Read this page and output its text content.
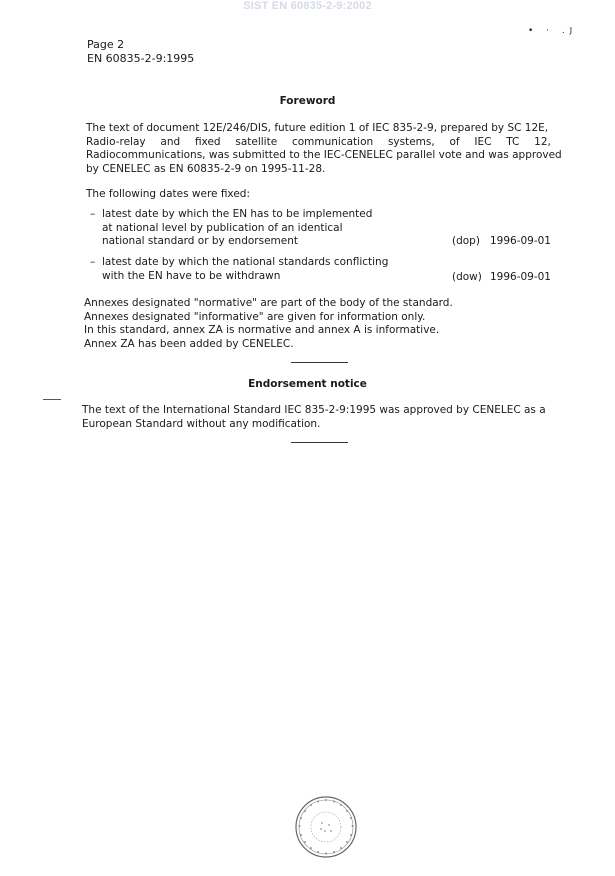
SIST EN 60835-2-9:2002
• · .J
Page 2
EN 60835-2-9:1995
Foreword
The text of document 12E/246/DIS, future edition 1 of IEC 835-2-9, prepared by SC 12E,
Radio-relay and fixed satellite communication systems, of IEC TC 12,
Radiocommunications, was submitted to the IEC-CENELEC parallel vote and was approved
by CENELEC as EN 60835-2-9 on 1995-11-28.
The following dates were fixed:
– latest date by which the EN has to be implemented
at national level by publication of an identical
national standard or by endorsement	(dop) 1996-09-01
– latest date by which the national standards conflicting
with the EN have to be withdrawn	(dow) 1996-09-01
Annexes designated "normative" are part of the body of the standard.
Annexes designated "informative" are given for information only.
In this standard, annex ZA is normative and annex A is informative.
Annex ZA has been added by CENELEC.
Endorsement notice
The text of the International Standard IEC 835-2-9:1995 was approved by CENELEC as a
European Standard without any modification.
